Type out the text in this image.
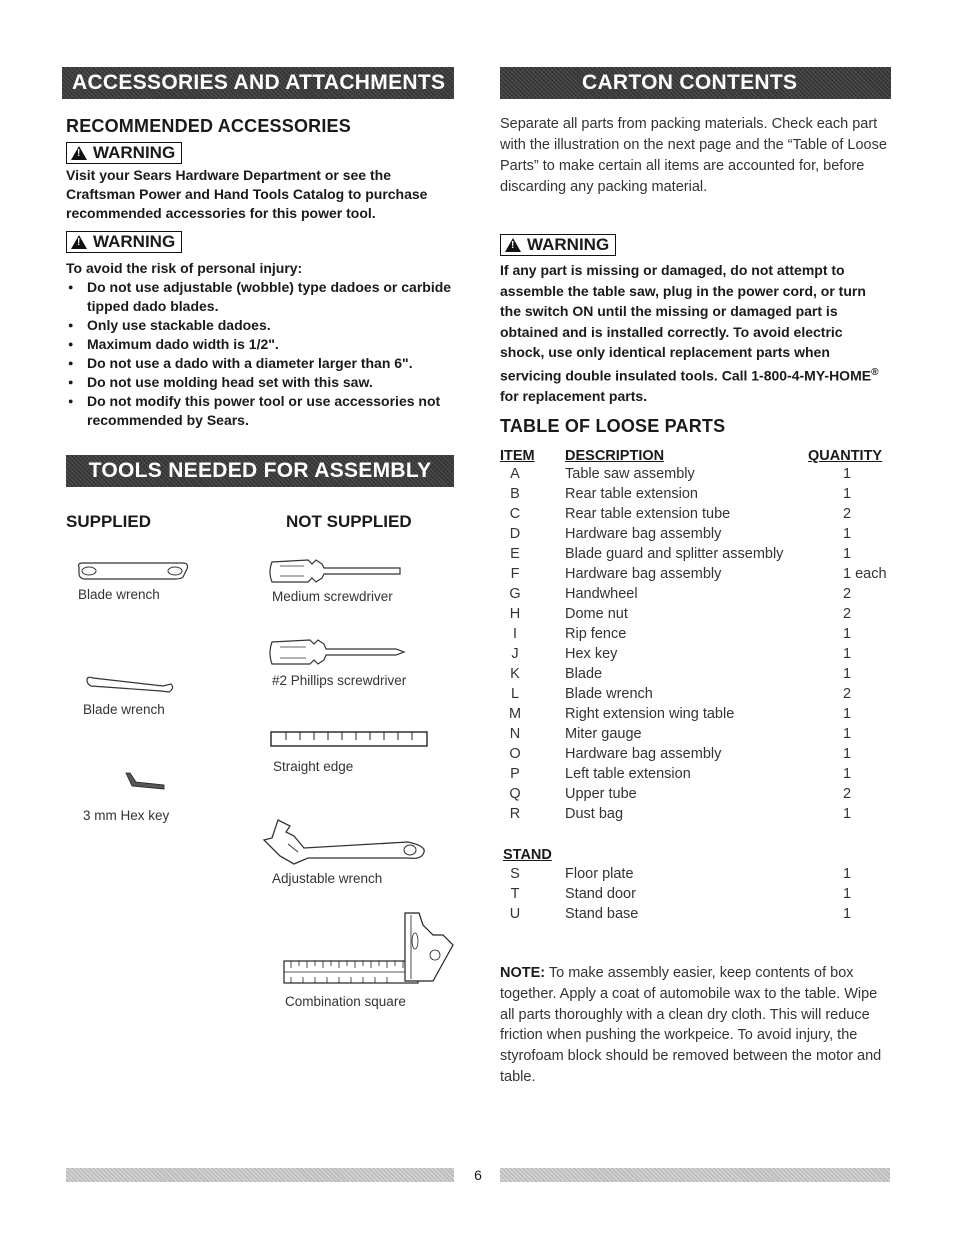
ACCESSORIES AND ATTACHMENTS
RECOMMENDED ACCESSORIES
!
WARNING
Visit your Sears Hardware Department or see the Craftsman Power and Hand Tools Catalog to purchase recommended accessories for this power tool.
!
WARNING
To avoid the risk of personal injury:
● Do not use adjustable (wobble) type dadoes or carbide tipped dado blades.
● Only use stackable dadoes.
● Maximum dado width is 1/2".
● Do not use a dado with a diameter larger than 6".
● Do not use molding head set with this saw.
● Do not modify this power tool or use accessories not recommended by Sears.
TOOLS NEEDED FOR ASSEMBLY
SUPPLIED	NOT SUPPLIED
Blade wrench
Blade wrench
3 mm Hex key
Medium screwdriver
#2 Phillips screwdriver
Straight edge
Adjustable wrench
Combination square
CARTON CONTENTS
Separate all parts from packing materials. Check each part with the illustration on the next page and the “Table of Loose Parts” to make certain all items are accounted for, before discarding any packing material.
!
WARNING
If any part is missing or damaged, do not attempt to assemble the table saw, plug in the power cord, or turn the switch ON until the missing or damaged part is obtained and is installed correctly. To avoid electric shock, use only identical replacement parts when servicing double insulated tools. Call 1-800-4-MY-HOME® for replacement parts.
TABLE OF LOOSE PARTS
ITEM DESCRIPTION	QUANTITY
A	Table saw assembly	1
B	Rear table extension	1
C	Rear table extension tube	2
D	Hardware bag assembly	1
E	Blade guard and splitter assembly	1
F	Hardware bag assembly	1 each
G	Handwheel	2
H	Dome nut	2
I	Rip fence	1
J	Hex key	1
K	Blade	1
L	Blade wrench	2
M	Right extension wing table	1
N	Miter gauge	1
O	Hardware bag assembly	1
P	Left table extension	1
Q	Upper tube	2
R	Dust bag	1
STAND
S	Floor plate	1
T	Stand door	1
U	Stand base	1
NOTE: To make assembly easier, keep contents of box together. Apply a coat of automobile wax to the table. Wipe all parts thoroughly with a clean dry cloth. This will reduce friction when pushing the workpeice. To avoid injury, the styrofoam block should be removed between the motor and table.
6
